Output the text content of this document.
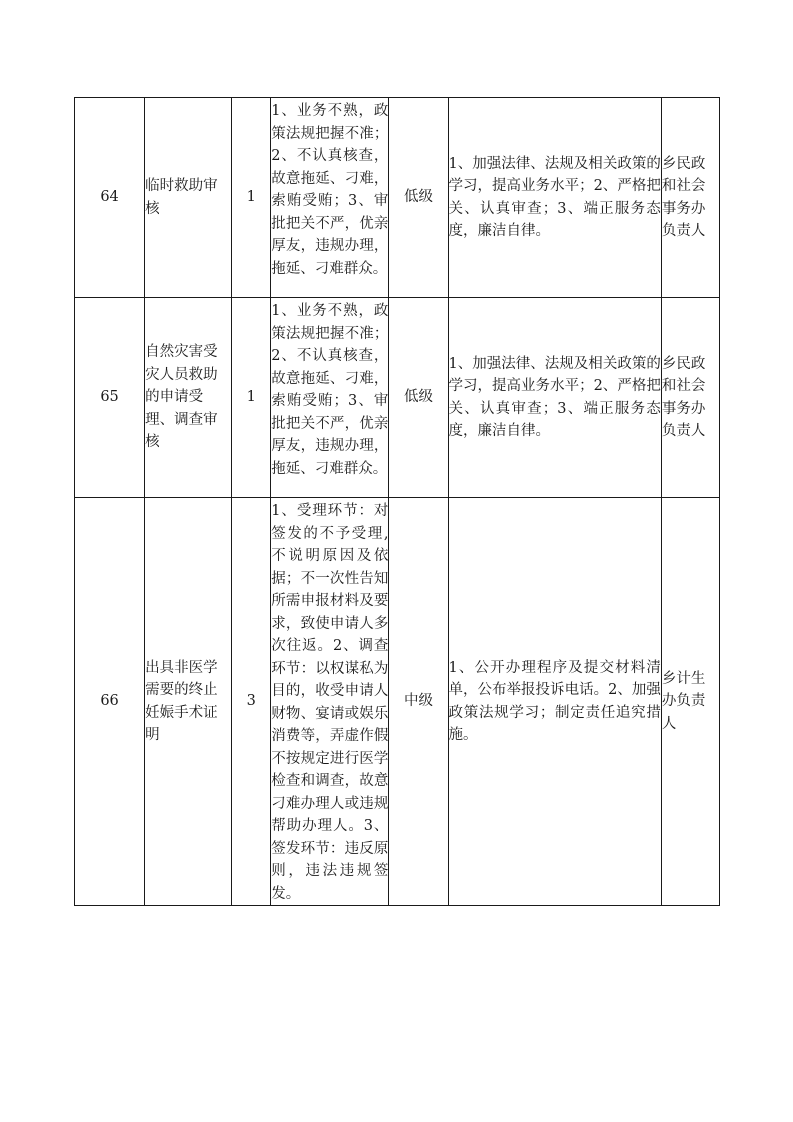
64	临时救助审核	1	1、业务不熟，政策法规把握不准；2、不认真核查，故意拖延、刁难，索贿受贿；3、审批把关不严，优亲厚友，违规办理，拖延、刁难群众。	低级	1、加强法律、法规及相关政策的学习，提高业务水平；2、严格把关、认真审查；3、端正服务态度，廉洁自律。	乡民政和社会事务办负责人

65	自然灾害受灾人员救助的申请受理、调查审核	1	1、业务不熟，政策法规把握不准；2、不认真核查，故意拖延、刁难，索贿受贿；3、审批把关不严，优亲厚友，违规办理，拖延、刁难群众。	低级	1、加强法律、法规及相关政策的学习，提高业务水平；2、严格把关、认真审查；3、端正服务态度，廉洁自律。	乡民政和社会事务办负责人

66	出具非医学需要的终止妊娠手术证明	3	1、受理环节：对签发的不予受理,不说明原因及依据；不一次性告知所需申报材料及要求，致使申请人多次往返。2、调查环节：以权谋私为目的，收受申请人财物、宴请或娱乐消费等，弄虚作假不按规定进行医学检查和调查，故意刁难办理人或违规帮助办理人。3、签发环节：违反原则，违法违规签发。	中级	1、公开办理程序及提交材料清单，公布举报投诉电话。2、加强政策法规学习；制定责任追究措施。	乡计生办负责人
